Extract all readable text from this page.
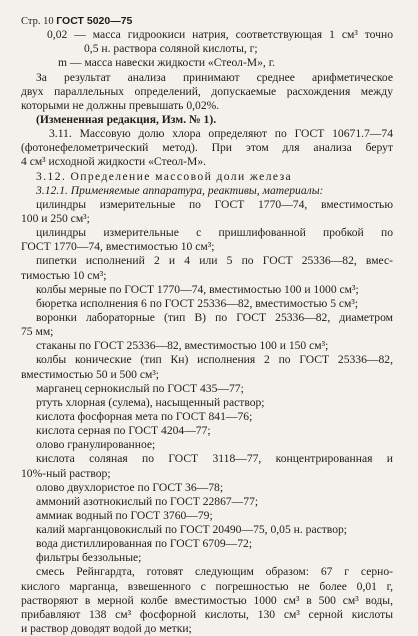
Стр. 10 ГОСТ 5020—75
0,02 — масса гидроокиси натрия, соответствующая 1 см³ точно
0,5 н. раствора соляной кислоты, г;
m — масса навески жидкости «Стеол-М», г.
За результат анализа принимают среднее арифметическое
двух параллельных определений, допускаемые расхождения между
которыми не должны превышать 0,02%.
(Измененная редакция, Изм. № 1).
3.11. Массовую долю хлора определяют по ГОСТ 10671.7—74
(фотонефелометрический метод). При этом для анализа берут
4 см³ исходной жидкости «Стеол-М».
3.12. Определение массовой доли железа
3.12.1. Применяемые аппаратура, реактивы, материалы:
цилиндры измерительные по ГОСТ 1770—74, вместимостью
100 и 250 см³;
цилиндры измерительные с пришлифованной пробкой по
ГОСТ 1770—74, вместимостью 10 см³;
пипетки исполнений 2 и 4 или 5 по ГОСТ 25336—82, вмес-
тимостью 10 см³;
колбы мерные по ГОСТ 1770—74, вместимостью 100 и 1000 см³;
бюретка исполнения 6 по ГОСТ 25336—82, вместимостью 5 см³;
воронки лабораторные (тип В) по ГОСТ 25336—82, диаметром
75 мм;
стаканы по ГОСТ 25336—82, вместимостью 100 и 150 см³;
колбы конические (тип Кн) исполнения 2 по ГОСТ 25336—82,
вместимостью 50 и 500 см³;
марганец сернокислый по ГОСТ 435—77;
ртуть хлорная (сулема), насыщенный раствор;
кислота фосфорная мета по ГОСТ 841—76;
кислота серная по ГОСТ 4204—77;
олово гранулированное;
кислота соляная по ГОСТ 3118—77, концентрированная и
10%-ный раствор;
олово двухлористое по ГОСТ 36—78;
аммоний азотнокислый по ГОСТ 22867—77;
аммиак водный по ГОСТ 3760—79;
калий марганцовокислый по ГОСТ 20490—75, 0,05 н. раствор;
вода дистиллированная по ГОСТ 6709—72;
фильтры беззольные;
смесь Рейнгардта, готовят следующим образом: 67 г серно-
кислого марганца, взвешенного с погрешностью не более 0,01 г,
растворяют в мерной колбе вместимостью 1000 см³ в 500 см³ воды,
прибавляют 138 см³ фосфорной кислоты, 130 см³ серной кислоты
и раствор доводят водой до метки;
